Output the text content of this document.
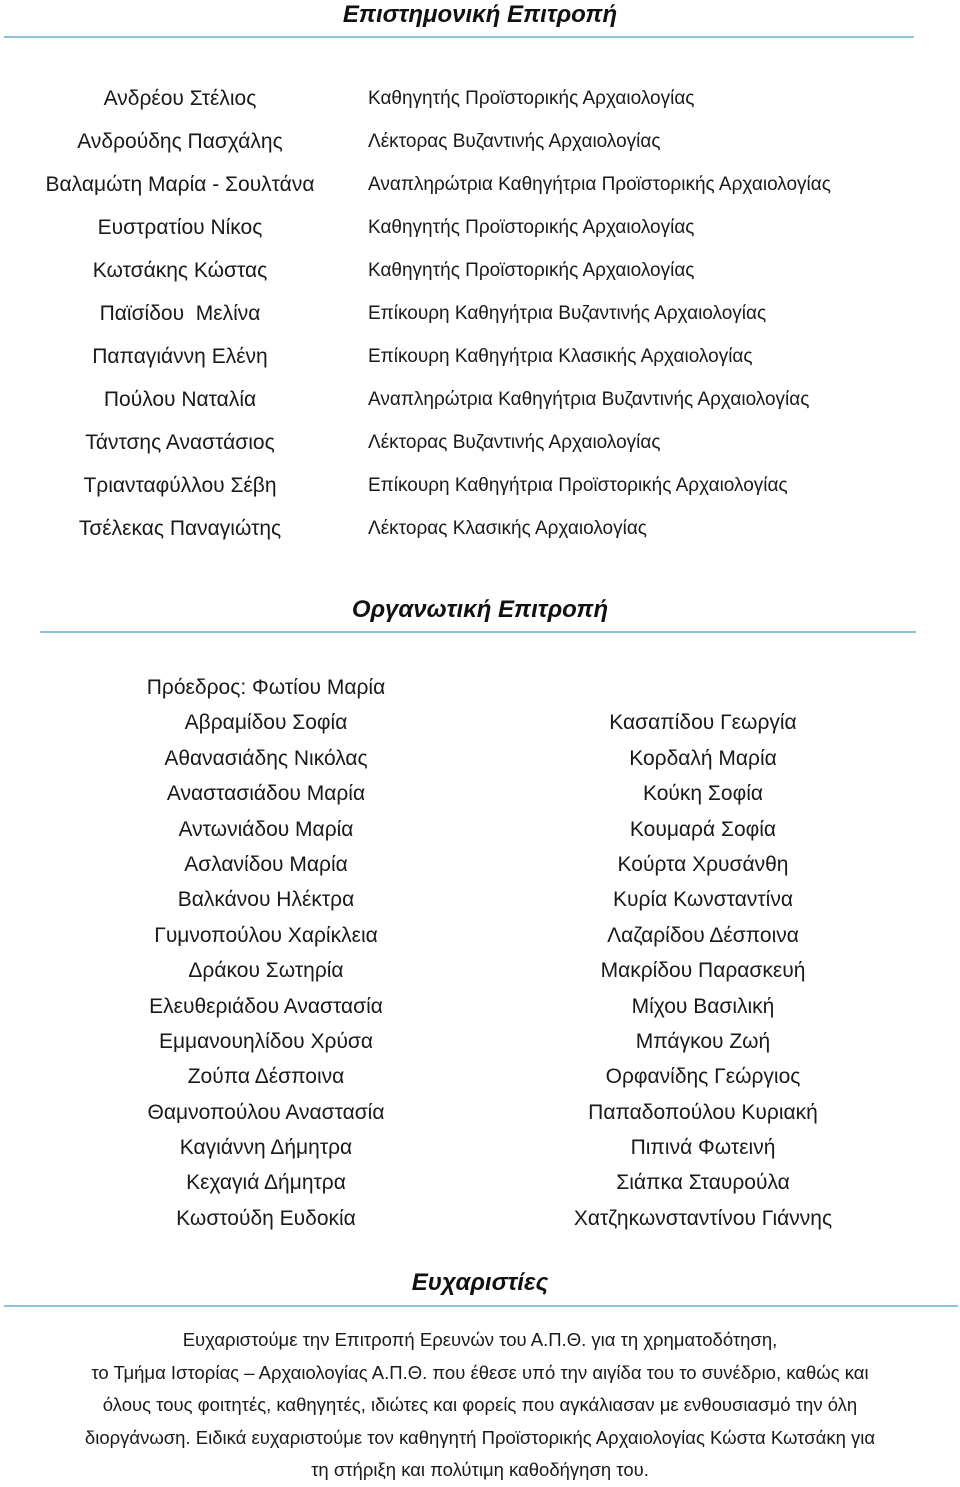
Επιστημονική Επιτροπή
Ανδρέου Στέλιος	Καθηγητής Προϊστορικής Αρχαιολογίας
Ανδρούδης Πασχάλης	Λέκτορας Βυζαντινής Αρχαιολογίας
Βαλαμώτη Μαρία - Σουλτάνα	Αναπληρώτρια Καθηγήτρια Προϊστορικής Αρχαιολογίας
Ευστρατίου Νίκος	Καθηγητής Προϊστορικής Αρχαιολογίας
Κωτσάκης Κώστας	Καθηγητής Προϊστορικής Αρχαιολογίας
Παϊσίδου  Μελίνα	Επίκουρη Καθηγήτρια Βυζαντινής Αρχαιολογίας
Παπαγιάννη Ελένη	Επίκουρη Καθηγήτρια Κλασικής Αρχαιολογίας
Πούλου Ναταλία	Αναπληρώτρια Καθηγήτρια Βυζαντινής Αρχαιολογίας
Τάντσης Αναστάσιος	Λέκτορας Βυζαντινής Αρχαιολογίας
Τριανταφύλλου Σέβη	Επίκουρη Καθηγήτρια Προϊστορικής Αρχαιολογίας
Τσέλεκας Παναγιώτης	Λέκτορας Κλασικής Αρχαιολογίας
Οργανωτική Επιτροπή
Πρόεδρος: Φωτίου Μαρία
Αβραμίδου Σοφία
Αθανασιάδης Νικόλας
Αναστασιάδου Μαρία
Αντωνιάδου Μαρία
Ασλανίδου Μαρία
Βαλκάνου Ηλέκτρα
Γυμνοπούλου Χαρίκλεια
Δράκου Σωτηρία
Ελευθεριάδου Αναστασία
Εμμανουηλίδου Χρύσα
Ζούπα Δέσποινα
Θαμνοπούλου Αναστασία
Καγιάννη Δήμητρα
Κεχαγιά Δήμητρα
Κωστούδη Ευδοκία
Κασαπίδου Γεωργία
Κορδαλή Μαρία
Κούκη Σοφία
Κουμαρά Σοφία
Κούρτα Χρυσάνθη
Κυρία Κωνσταντίνα
Λαζαρίδου Δέσποινα
Μακρίδου Παρασκευή
Μίχου Βασιλική
Μπάγκου Ζωή
Ορφανίδης Γεώργιος
Παπαδοπούλου Κυριακή
Πιπινά Φωτεινή
Σιάπκα Σταυρούλα
Χατζηκωνσταντίνου Γιάννης
Ευχαριστίες
Ευχαριστούμε την Επιτροπή Ερευνών του Α.Π.Θ. για τη χρηματοδότηση,
το Τμήμα Ιστορίας – Αρχαιολογίας Α.Π.Θ. που έθεσε υπό την αιγίδα του το συνέδριο, καθώς και
όλους τους φοιτητές, καθηγητές, ιδιώτες και φορείς που αγκάλιασαν με ενθουσιασμό την όλη
διοργάνωση. Ειδικά ευχαριστούμε τον καθηγητή Προϊστορικής Αρχαιολογίας Κώστα Κωτσάκη για
τη στήριξη και πολύτιμη καθοδήγηση του.
